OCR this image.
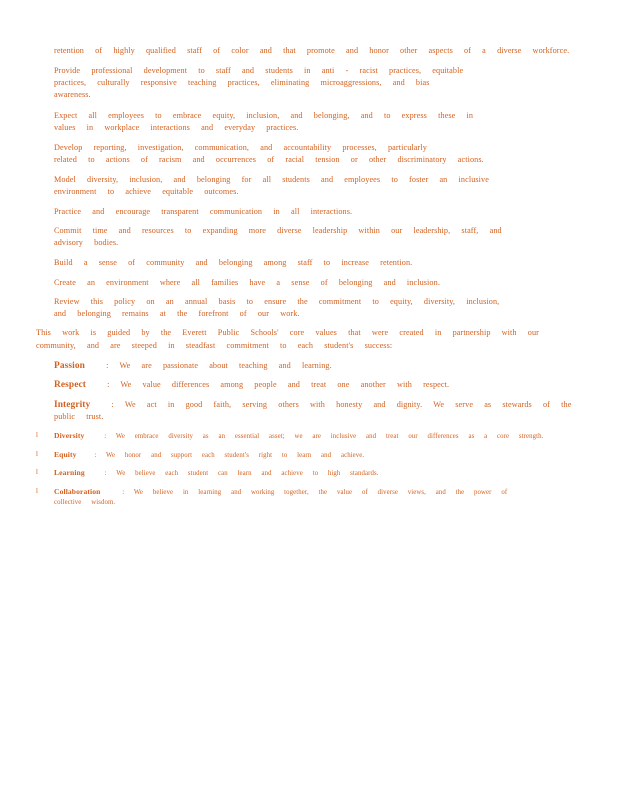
retention of highly qualified staff of color and that promote and honor other aspects of a diverse workforce.
Provide professional development to staff and students in anti - racist practices, equitable
practices, culturally responsive teaching practices, eliminating microaggressions, and bias
awareness.
Expect all employees to embrace equity, inclusion, and belonging, and to express these in
values in workplace interactions and everyday practices.
Develop reporting, investigation, communication, and accountability processes, particularly
related to actions of racism and occurrences of racial tension or other discriminatory actions.
Model diversity, inclusion, and belonging for all students and employees to foster an inclusive
environment to achieve equitable outcomes.
Practice and encourage transparent communication in all interactions.
Commit time and resources to expanding more diverse leadership within our leadership, staff, and
advisory bodies.
Build a sense of community and belonging among staff to increase retention.
Create an environment where all families have a sense of belonging and inclusion.
Review this policy on an annual basis to ensure the commitment to equity, diversity, inclusion,
and belonging remains at the forefront of our work.
This work is guided by the Everett Public Schools' core values that were created in partnership with our
community, and are steeped in steadfast commitment to each student's success:
Passion	: We are passionate about teaching and learning.
Respect	: We value differences among people and treat one another with respect.
Integrity	: We act in good faith, serving others with honesty and dignity. We serve as stewards of the
public trust.
l Diversity	: We embrace diversity as an essential asset; we are inclusive and treat our differences as a core strength.
l Equity	: We honor and support each student's right to learn and achieve.
l Learning	: We believe each student can learn and achieve to high standards.
l Collaboration	: We believe in learning and working together, the value of diverse views, and the power of
collective wisdom.
